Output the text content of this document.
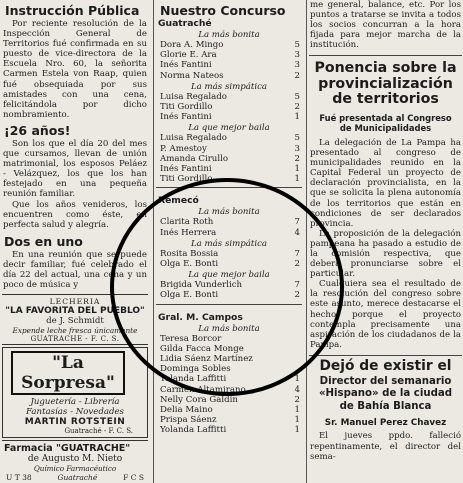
Instrucción Pública

Por reciente resolución de la Inspección General de Territorios fué confirmada en su puesto de vice-directora de la Escuela Nro. 60, la señorita Carmen Estela von Raap, quien fué obsequiada por sus amistades con una cena, felicitándola por dicho nombramiento.

¡26 años!

Son los que el día 20 del mes que cursamos, llevan de unión matrimonial, los esposos Peláez - Velázquez, los que los han festejado en una pequeña reunión familiar.

Que los años venideros, los encuentren como éste, en perfecta salud y alegría.

Dos en uno

En una reunión que se puede decir familiar, fué celebrado el día 22 del actual, una cena y un poco de música y

LECHERIA
"LA FAVORITA DEL PUEBLO"
de J. Schmidt
Expende leche fresca únicamente
GUATRACHE - F. C. S.
"La Sorpresa"
Juguetería - Librería
Fantasías - Novedades
MARTIN ROTSTEIN
Guatraché - F. C. S.
Farmacia "GUATRACHE"
de Augusto M. Nieto
Químico Farmacéutico
U T 38	Guatraché	F C S
Nuestro Concurso
Guatraché
La más bonita
Dora A. Mingo	5
Glorie E. Ara	3
Inés Fantini	3
Norma Nateos	2
La más simpática
Luisa Regalado	5
Titi Gordillo	2
Inés Fantini	1
La que mejor baila
Luisa Regalado	5
P. Amestoy	3
Amanda Cirullo	2
Inés Fantini	1
Titi Gordillo	1
Remecó
La más bonita
Clarita Roth	7
Inés Herrera	4
La más simpática
Rosita Bossia	7
Olga E. Bonti	2
La que mejor baila
Brigida Vunderlich	7
Olga E. Bonti	2
Gral. M. Campos
La más bonita
Teresa Borcor
Gilda Facca Monge
Lidia Sáenz Martínez
Dominga Sobles
Yolanda Laffitti	1
Carmen Altamirano	4
Nelly Cora Galdín	2
Delia Maino	1
Prispa Sáenz	1
Yolanda Laffitti	1

me general, balance, etc. Por los puntos a tratarse se invita a todos los socios concurran a la hora fijada para mejor marcha de la institución.

Ponencia sobre la provincialización de territorios
Fué presentada al Congreso de Municipalidades

La delegación de La Pampa ha presentado al congreso de municipalidades reunido en la Capital Federal un proyecto de declaración provincialista, en la que se solicita la plena autonomía de los territorios que están en condiciones de ser declarados provincia.

La proposición de la delegación pampeana ha pasado a estudio de la comisión respectiva, que deberá pronunciarse sobre el particular.

Cualquiera sea el resultado de la resolución del congreso sobre este asunto, merece destacarse el hecho porque el proyecto contempla precisamente una aspiración de los ciudadanos de la Pampa.

Dejó de existir el
Director del semanario «Hispano» de la ciudad de Bahía Blanca
Sr. Manuel Perez Chavez

El jueves ppdo. falleció repentinamente, el director del sema-
